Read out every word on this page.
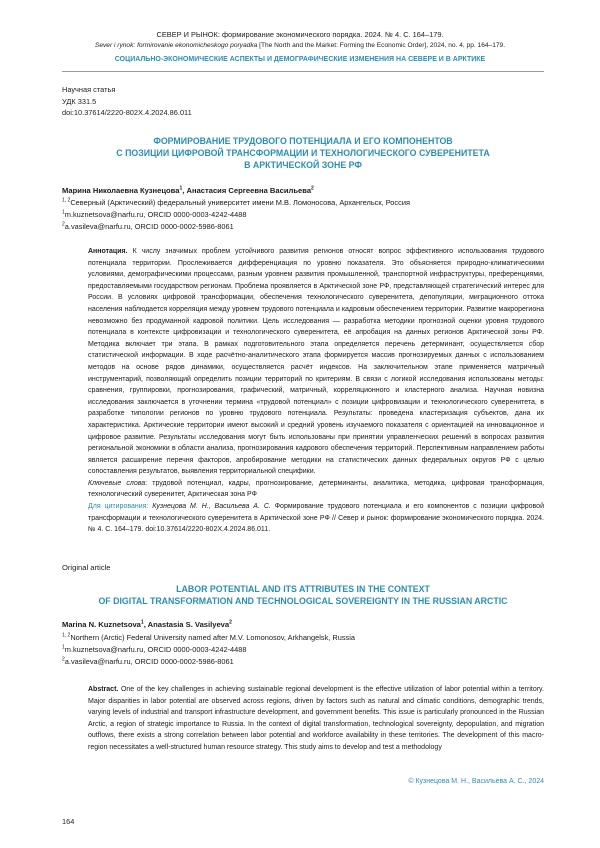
СЕВЕР И РЫНОК: формирование экономического порядка. 2024. № 4. С. 164–179.
Sever i rynok: formirovanie ekonomicheskogo poryadka [The North and the Market: Forming the Economic Order], 2024, no. 4, pp. 164–179.
СОЦИАЛЬНО-ЭКОНОМИЧЕСКИЕ АСПЕКТЫ И ДЕМОГРАФИЧЕСКИЕ ИЗМЕНЕНИЯ НА СЕВЕРЕ И В АРКТИКЕ
Научная статья
УДК 331.5
doi:10.37614/2220-802X.4.2024.86.011
ФОРМИРОВАНИЕ ТРУДОВОГО ПОТЕНЦИАЛА И ЕГО КОМПОНЕНТОВ
С ПОЗИЦИИ ЦИФРОВОЙ ТРАНСФОРМАЦИИ И ТЕХНОЛОГИЧЕСКОГО СУВЕРЕНИТЕТА
В АРКТИЧЕСКОЙ ЗОНЕ РФ
Марина Николаевна Кузнецова$^1$, Анастасия Сергеевна Васильева$^2$
$^{1, 2}$Северный (Арктический) федеральный университет имени М.В. Ломоносова, Архангельск, Россия
$^1$m.kuznetsova@narfu.ru, ORCID 0000-0003-4242-4488
$^2$a.vasileva@narfu.ru, ORCID 0000-0002-5986-8061
Аннотация. К числу значимых проблем устойчивого развития регионов относят вопрос эффективного использования трудового потенциала территории. Прослеживается дифференциация по уровню показателя. Это объясняется природно-климатическими условиями, демографическими процессами, разным уровнем развития промышленной, транспортной инфраструктуры, преференциями, предоставляемыми государством регионам. Проблема проявляется в Арктической зоне РФ, представляющей стратегический интерес для России. В условиях цифровой трансформации, обеспечения технологического суверенитета, депопуляции, миграционного оттока населения наблюдается корреляция между уровнем трудового потенциала и кадровым обеспечением территории. Развитие макрорегиона невозможно без продуманной кадровой политики. Цель исследования — разработка методики прогнозной оценки уровня трудового потенциала в контексте цифровизации и технологического суверенитета, её апробация на данных регионов Арктической зоны РФ. Методика включает три этапа. В рамках подготовительного этапа определяется перечень детерминант, осуществляется сбор статистической информации. В ходе расчётно-аналитического этапа формируется массив прогнозируемых данных с использованием методов на основе рядов динамики, осуществляется расчёт индексов. На заключительном этапе применяется матричный инструментарий, позволяющий определить позиции территорий по критериям. В связи с логикой исследования использованы методы: сравнения, группировки, прогнозирования, графический, матричный, корреляционного и кластерного анализа. Научная новизна исследования заключается в уточнении термина «трудовой потенциал» с позиции цифровизации и технологического суверенитета, в разработке типологии регионов по уровню трудового потенциала. Результаты: проведена кластеризация субъектов, дана их характеристика. Арктические территории имеют высокий и средний уровень изучаемого показателя с ориентацией на инновационное и цифровое развитие. Результаты исследования могут быть использованы при принятии управленческих решений в вопросах развития региональной экономики в области анализа, прогнозирования кадрового обеспечения территорий. Перспективным направлением работы является расширение перечня факторов, апробирование методики на статистических данных федеральных округов РФ с целью сопоставления результатов, выявления территориальной специфики.
Ключевые слова: трудовой потенциал, кадры, прогнозирование, детерминанты, аналитика, методика, цифровая трансформация, технологический суверенитет, Арктическая зона РФ
Для цитирования: Кузнецова М. Н., Васильева А. С. Формирование трудового потенциала и его компонентов с позиции цифровой трансформации и технологического суверенитета в Арктической зоне РФ // Север и рынок: формирование экономического порядка. 2024. № 4. С. 164–179. doi:10.37614/2220-802X.4.2024.86.011.
Original article
LABOR POTENTIAL AND ITS ATTRIBUTES IN THE CONTEXT
OF DIGITAL TRANSFORMATION AND TECHNOLOGICAL SOVEREIGNTY IN THE RUSSIAN ARCTIC
Marina N. Kuznetsova$^1$, Anastasia S. Vasilyeva$^2$
$^{1, 2}$Northern (Arctic) Federal University named after M.V. Lomonosov, Arkhangelsk, Russia
$^1$m.kuznetsova@narfu.ru, ORCID 0000-0003-4242-4488
$^2$a.vasileva@narfu.ru, ORCID 0000-0002-5986-8061
Abstract. One of the key challenges in achieving sustainable regional development is the effective utilization of labor potential within a territory. Major disparities in labor potential are observed across regions, driven by factors such as natural and climatic conditions, demographic trends, varying levels of industrial and transport infrastructure development, and government benefits. This issue is particularly pronounced in the Russian Arctic, a region of strategic importance to Russia. In the context of digital transformation, technological sovereignty, depopulation, and migration outflows, there exists a strong correlation between labor potential and workforce availability in these territories. The development of this macro-region necessitates a well-structured human resource strategy. This study aims to develop and test a methodology
© Кузнецова М. Н., Васильева А. С., 2024
164
